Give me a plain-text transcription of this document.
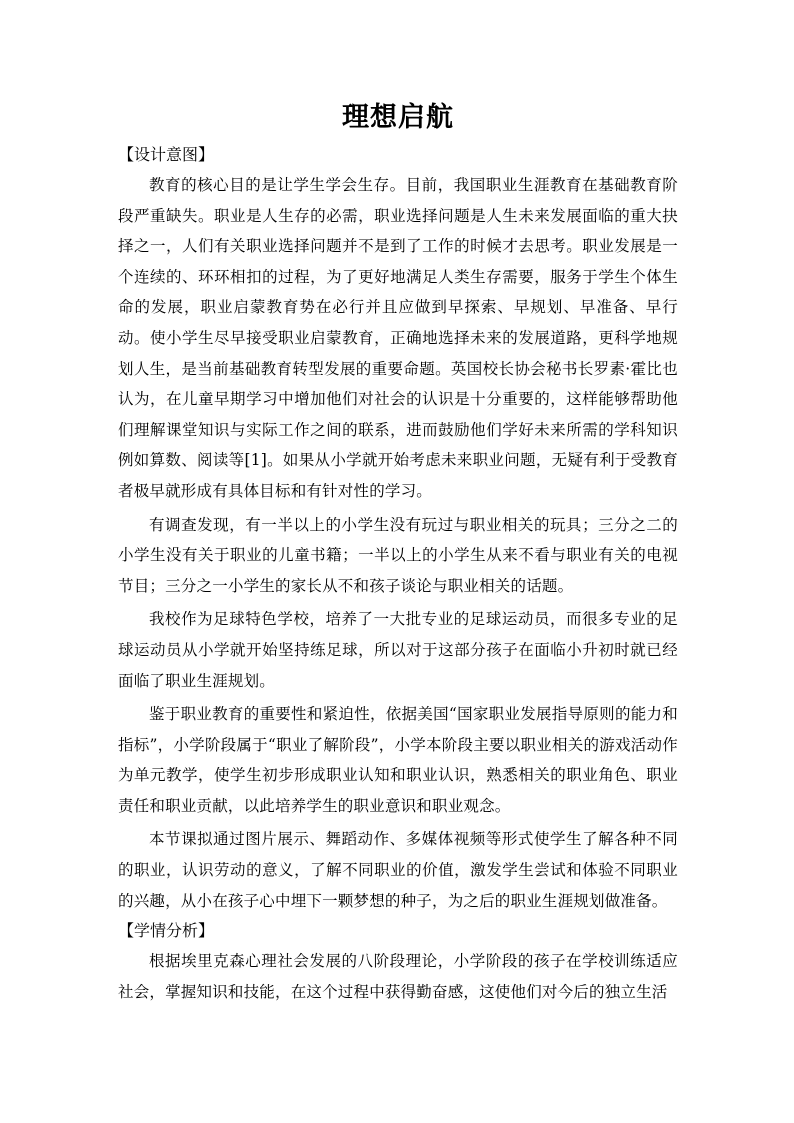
理想启航
【设计意图】

教育的核心目的是让学生学会生存。目前，我国职业生涯教育在基础教育阶段严重缺失。职业是人生存的必需，职业选择问题是人生未来发展面临的重大抉择之一，人们有关职业选择问题并不是到了工作的时候才去思考。职业发展是一个连续的、环环相扣的过程，为了更好地满足人类生存需要，服务于学生个体生命的发展，职业启蒙教育势在必行并且应做到早探索、早规划、早准备、早行动。使小学生尽早接受职业启蒙教育，正确地选择未来的发展道路，更科学地规划人生，是当前基础教育转型发展的重要命题。英国校长协会秘书长罗素·霍比也认为，在儿童早期学习中增加他们对社会的认识是十分重要的，这样能够帮助他们理解课堂知识与实际工作之间的联系，进而鼓励他们学好未来所需的学科知识例如算数、阅读等[1]。如果从小学就开始考虑未来职业问题，无疑有利于受教育者极早就形成有具体目标和有针对性的学习。

有调查发现，有一半以上的小学生没有玩过与职业相关的玩具；三分之二的小学生没有关于职业的儿童书籍；一半以上的小学生从来不看与职业有关的电视节目；三分之一小学生的家长从不和孩子谈论与职业相关的话题。

我校作为足球特色学校，培养了一大批专业的足球运动员，而很多专业的足球运动员从小学就开始坚持练足球，所以对于这部分孩子在面临小升初时就已经面临了职业生涯规划。

鉴于职业教育的重要性和紧迫性，依据美国“国家职业发展指导原则的能力和指标”，小学阶段属于“职业了解阶段”，小学本阶段主要以职业相关的游戏活动作为单元教学，使学生初步形成职业认知和职业认识，熟悉相关的职业角色、职业责任和职业贡献，以此培养学生的职业意识和职业观念。

本节课拟通过图片展示、舞蹈动作、多媒体视频等形式使学生了解各种不同的职业，认识劳动的意义，了解不同职业的价值，激发学生尝试和体验不同职业的兴趣，从小在孩子心中埋下一颗梦想的种子，为之后的职业生涯规划做准备。

【学情分析】

根据埃里克森心理社会发展的八阶段理论，小学阶段的孩子在学校训练适应社会，掌握知识和技能，在这个过程中获得勤奋感，这使他们对今后的独立生活
